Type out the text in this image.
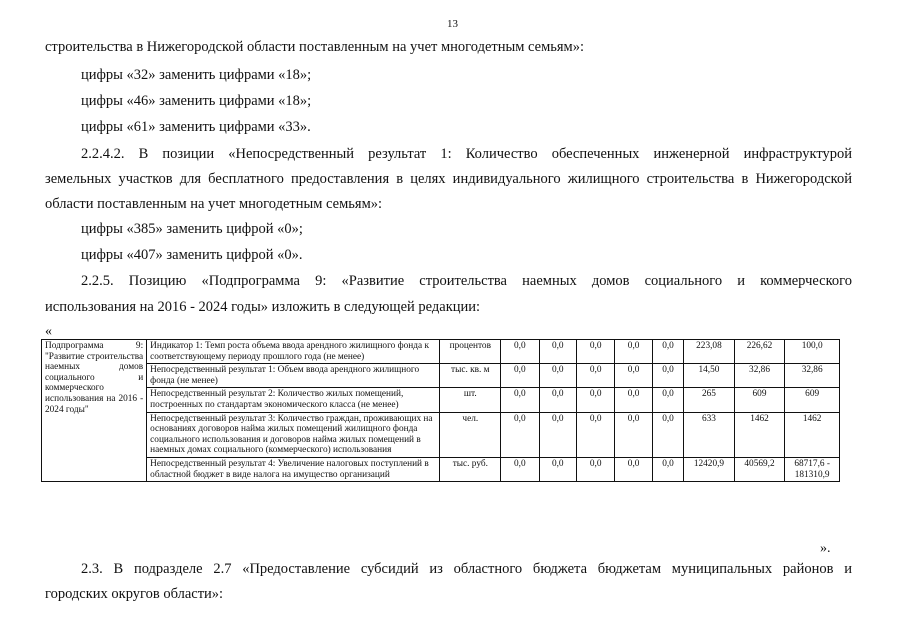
13
строительства в Нижегородской области поставленным на учет многодетным семьям»:
цифры «32» заменить цифрами «18»;
цифры «46» заменить цифрами «18»;
цифры «61» заменить цифрами «33».
2.2.4.2. В позиции «Непосредственный результат 1: Количество обеспеченных инженерной инфраструктурой
земельных участков для бесплатного предоставления в целях индивидуального жилищного строительства в Нижегородской
области поставленным на учет многодетным семьям»:
цифры «385» заменить цифрой «0»;
цифры «407» заменить цифрой «0».
2.2.5. Позицию «Подпрограмма 9: «Развитие строительства наемных домов социального и коммерческого
использования на 2016 - 2024 годы» изложить в следующей редакции:
«
Подпрограмма 9: "Развитие строительства наемных домов социального и коммерческого использования на 2016 - 2024 годы"	Индикатор 1: Темп роста объема ввода арендного жилищного фонда к соответствующему периоду прошлого года (не менее)	процентов	0,0	0,0	0,0	0,0	0,0	223,08	226,62	100,0
	Непосредственный результат 1: Объем ввода арендного жилищного фонда (не менее)	тыс. кв. м	0,0	0,0	0,0	0,0	0,0	14,50	32,86	32,86
	Непосредственный результат 2: Количество жилых помещений, построенных по стандартам экономического класса (не менее)	шт.	0,0	0,0	0,0	0,0	0,0	265	609	609
	Непосредственный результат 3: Количество граждан, проживающих на основаниях договоров найма жилых помещений жилищного фонда социального использования и договоров найма жилых помещений в наемных домах социального (коммерческого) использования	чел.	0,0	0,0	0,0	0,0	0,0	633	1462	1462
	Непосредственный результат 4: Увеличение налоговых поступлений в областной бюджет в виде налога на имущество организаций	тыс. руб.	0,0	0,0	0,0	0,0	0,0	12420,9	40569,2	68717,6 - 181310,9
».
2.3. В подразделе 2.7 «Предоставление субсидий из областного бюджета бюджетам муниципальных районов и
городских округов области»:
